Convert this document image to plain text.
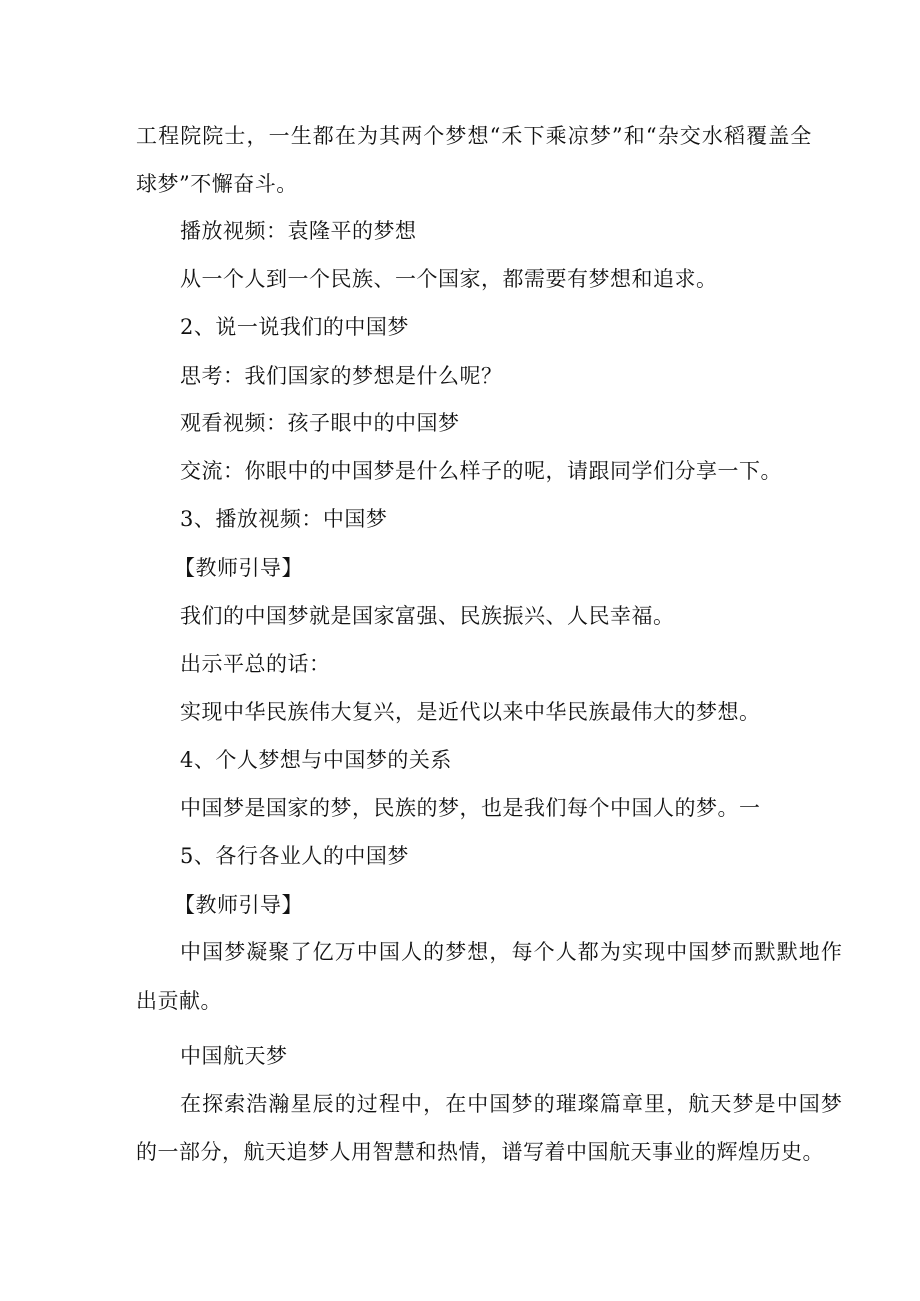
工程院院士，一生都在为其两个梦想“禾下乘凉梦”和“杂交水稻覆盖全
球梦”不懈奋斗。
播放视频：袁隆平的梦想
从一个人到一个民族、一个国家，都需要有梦想和追求。
2、说一说我们的中国梦
思考：我们国家的梦想是什么呢？
观看视频：孩子眼中的中国梦
交流：你眼中的中国梦是什么样子的呢，请跟同学们分享一下。
3、播放视频：中国梦
【教师引导】
我们的中国梦就是国家富强、民族振兴、人民幸福。
出示平总的话：
实现中华民族伟大复兴，是近代以来中华民族最伟大的梦想。
4、个人梦想与中国梦的关系
中国梦是国家的梦，民族的梦，也是我们每个中国人的梦。一
5、各行各业人的中国梦
【教师引导】
中国梦凝聚了亿万中国人的梦想，每个人都为实现中国梦而默默地作
出贡献。
中国航天梦
在探索浩瀚星辰的过程中，在中国梦的璀璨篇章里，航天梦是中国梦
的一部分，航天追梦人用智慧和热情，谱写着中国航天事业的辉煌历史。
